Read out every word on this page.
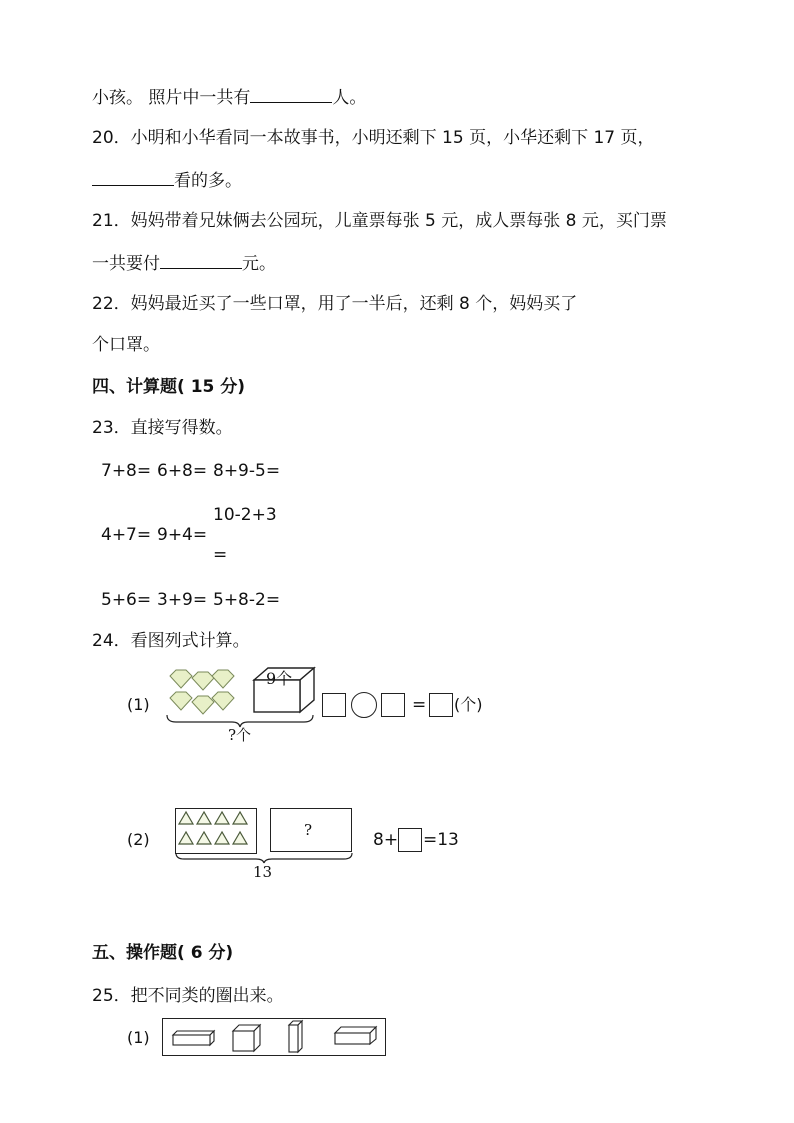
小孩。 照片中一共有	人。
20．小明和小华看同一本故事书，小明还剩下 15 页，小华还剩下 17 页，
看的多。
21．妈妈带着兄妹俩去公园玩，儿童票每张 5 元，成人票每张 8 元，买门票
一共要付	元。
22．妈妈最近买了一些口罩，用了一半后，还剩 8 个，妈妈买了
个口罩。
四、计算题( 15 分)
23．直接写得数。
7+8= 6+8= 8+9-5=
4+7= 9+4=
10-2+3
=
5+6= 3+9= 5+8-2=
24．看图列式计算。
(1)
9个
?个
= (个)
(2)	?
13
8+ =13
五、操作题( 6 分)
25．把不同类的圈出来。
(1)
